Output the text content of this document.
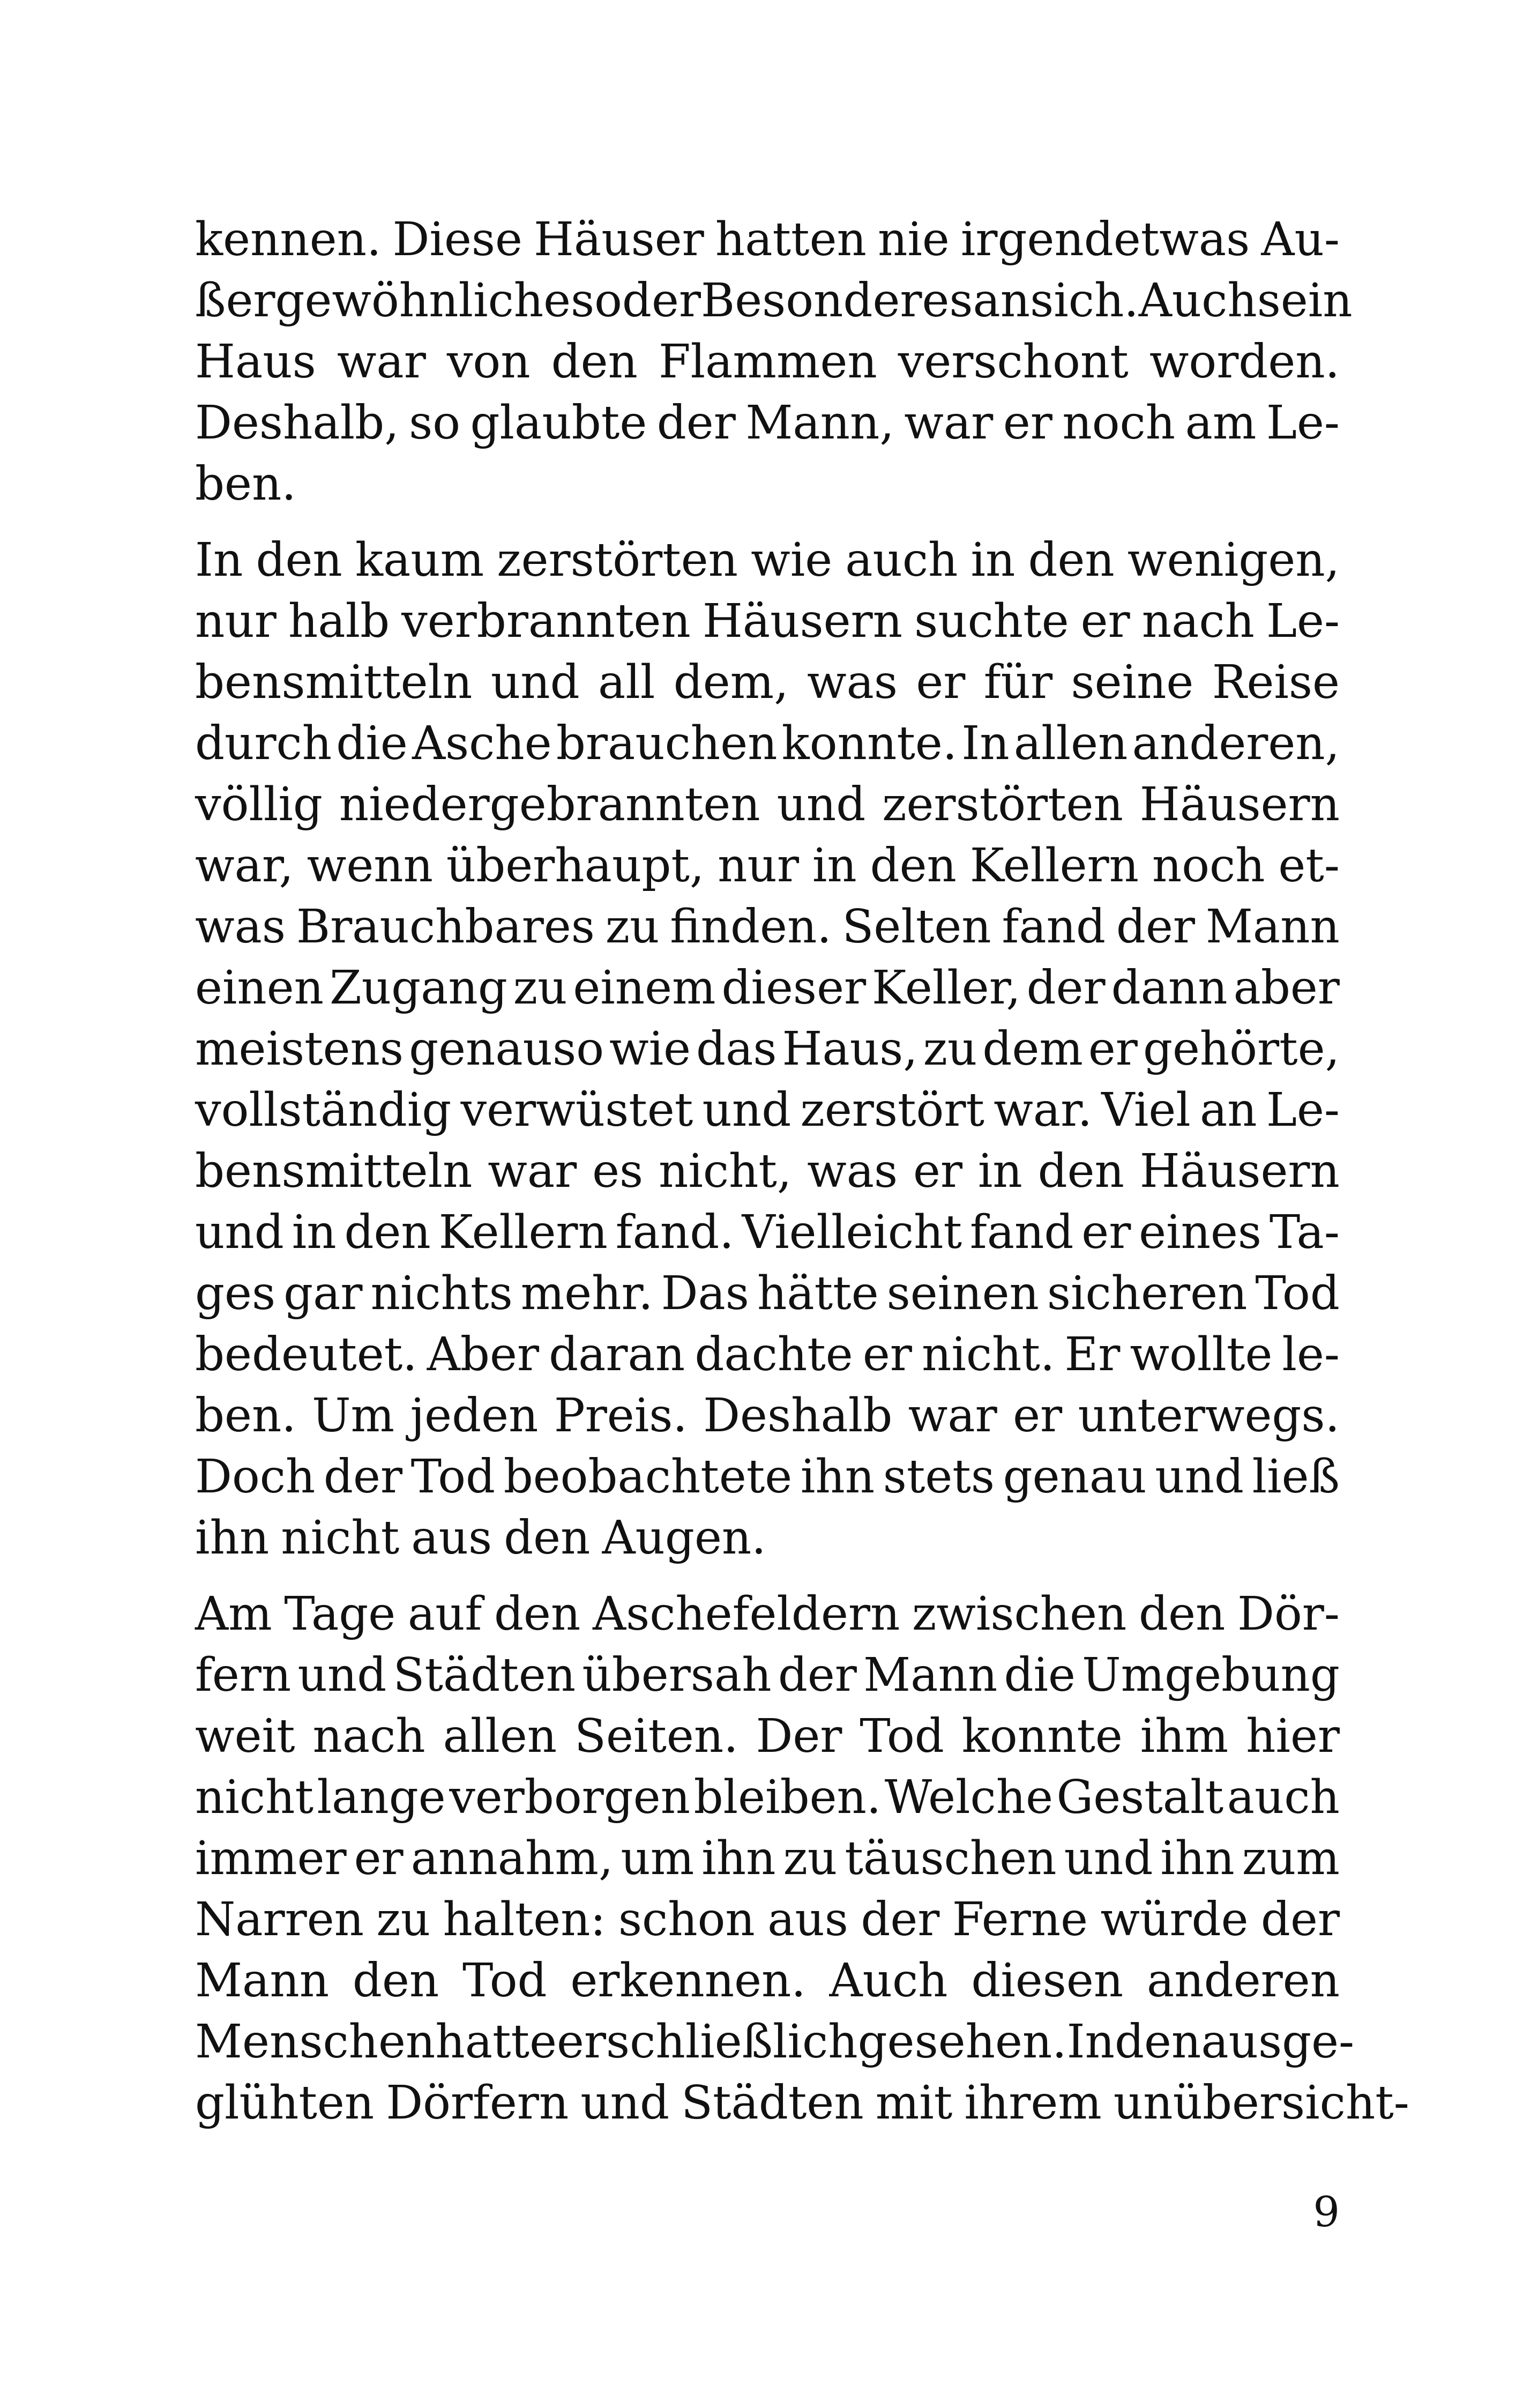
kennen. Diese Häuser hatten nie irgendetwas Au-
ßergewöhnliches oder Besonderes an sich. Auch sein
Haus war von den Flammen verschont worden.
Deshalb, so glaubte der Mann, war er noch am Le-
ben.
In den kaum zerstörten wie auch in den wenigen,
nur halb verbrannten Häusern suchte er nach Le-
bensmitteln und all dem, was er für seine Reise
durch die Asche brauchen konnte. In allen anderen,
völlig niedergebrannten und zerstörten Häusern
war, wenn überhaupt, nur in den Kellern noch et-
was Brauchbares zu finden. Selten fand der Mann
einen Zugang zu einem dieser Keller, der dann aber
meistens genauso wie das Haus, zu dem er gehörte,
vollständig verwüstet und zerstört war. Viel an Le-
bensmitteln war es nicht, was er in den Häusern
und in den Kellern fand. Vielleicht fand er eines Ta-
ges gar nichts mehr. Das hätte seinen sicheren Tod
bedeutet. Aber daran dachte er nicht. Er wollte le-
ben. Um jeden Preis. Deshalb war er unterwegs.
Doch der Tod beobachtete ihn stets genau und ließ
ihn nicht aus den Augen.
Am Tage auf den Aschefeldern zwischen den Dör-
fern und Städten übersah der Mann die Umgebung
weit nach allen Seiten. Der Tod konnte ihm hier
nicht lange verborgen bleiben. Welche Gestalt auch
immer er annahm, um ihn zu täuschen und ihn zum
Narren zu halten: schon aus der Ferne würde der
Mann den Tod erkennen. Auch diesen anderen
Menschen hatte er schließlich gesehen. In den ausge-
glühten Dörfern und Städten mit ihrem unübersicht-
9
